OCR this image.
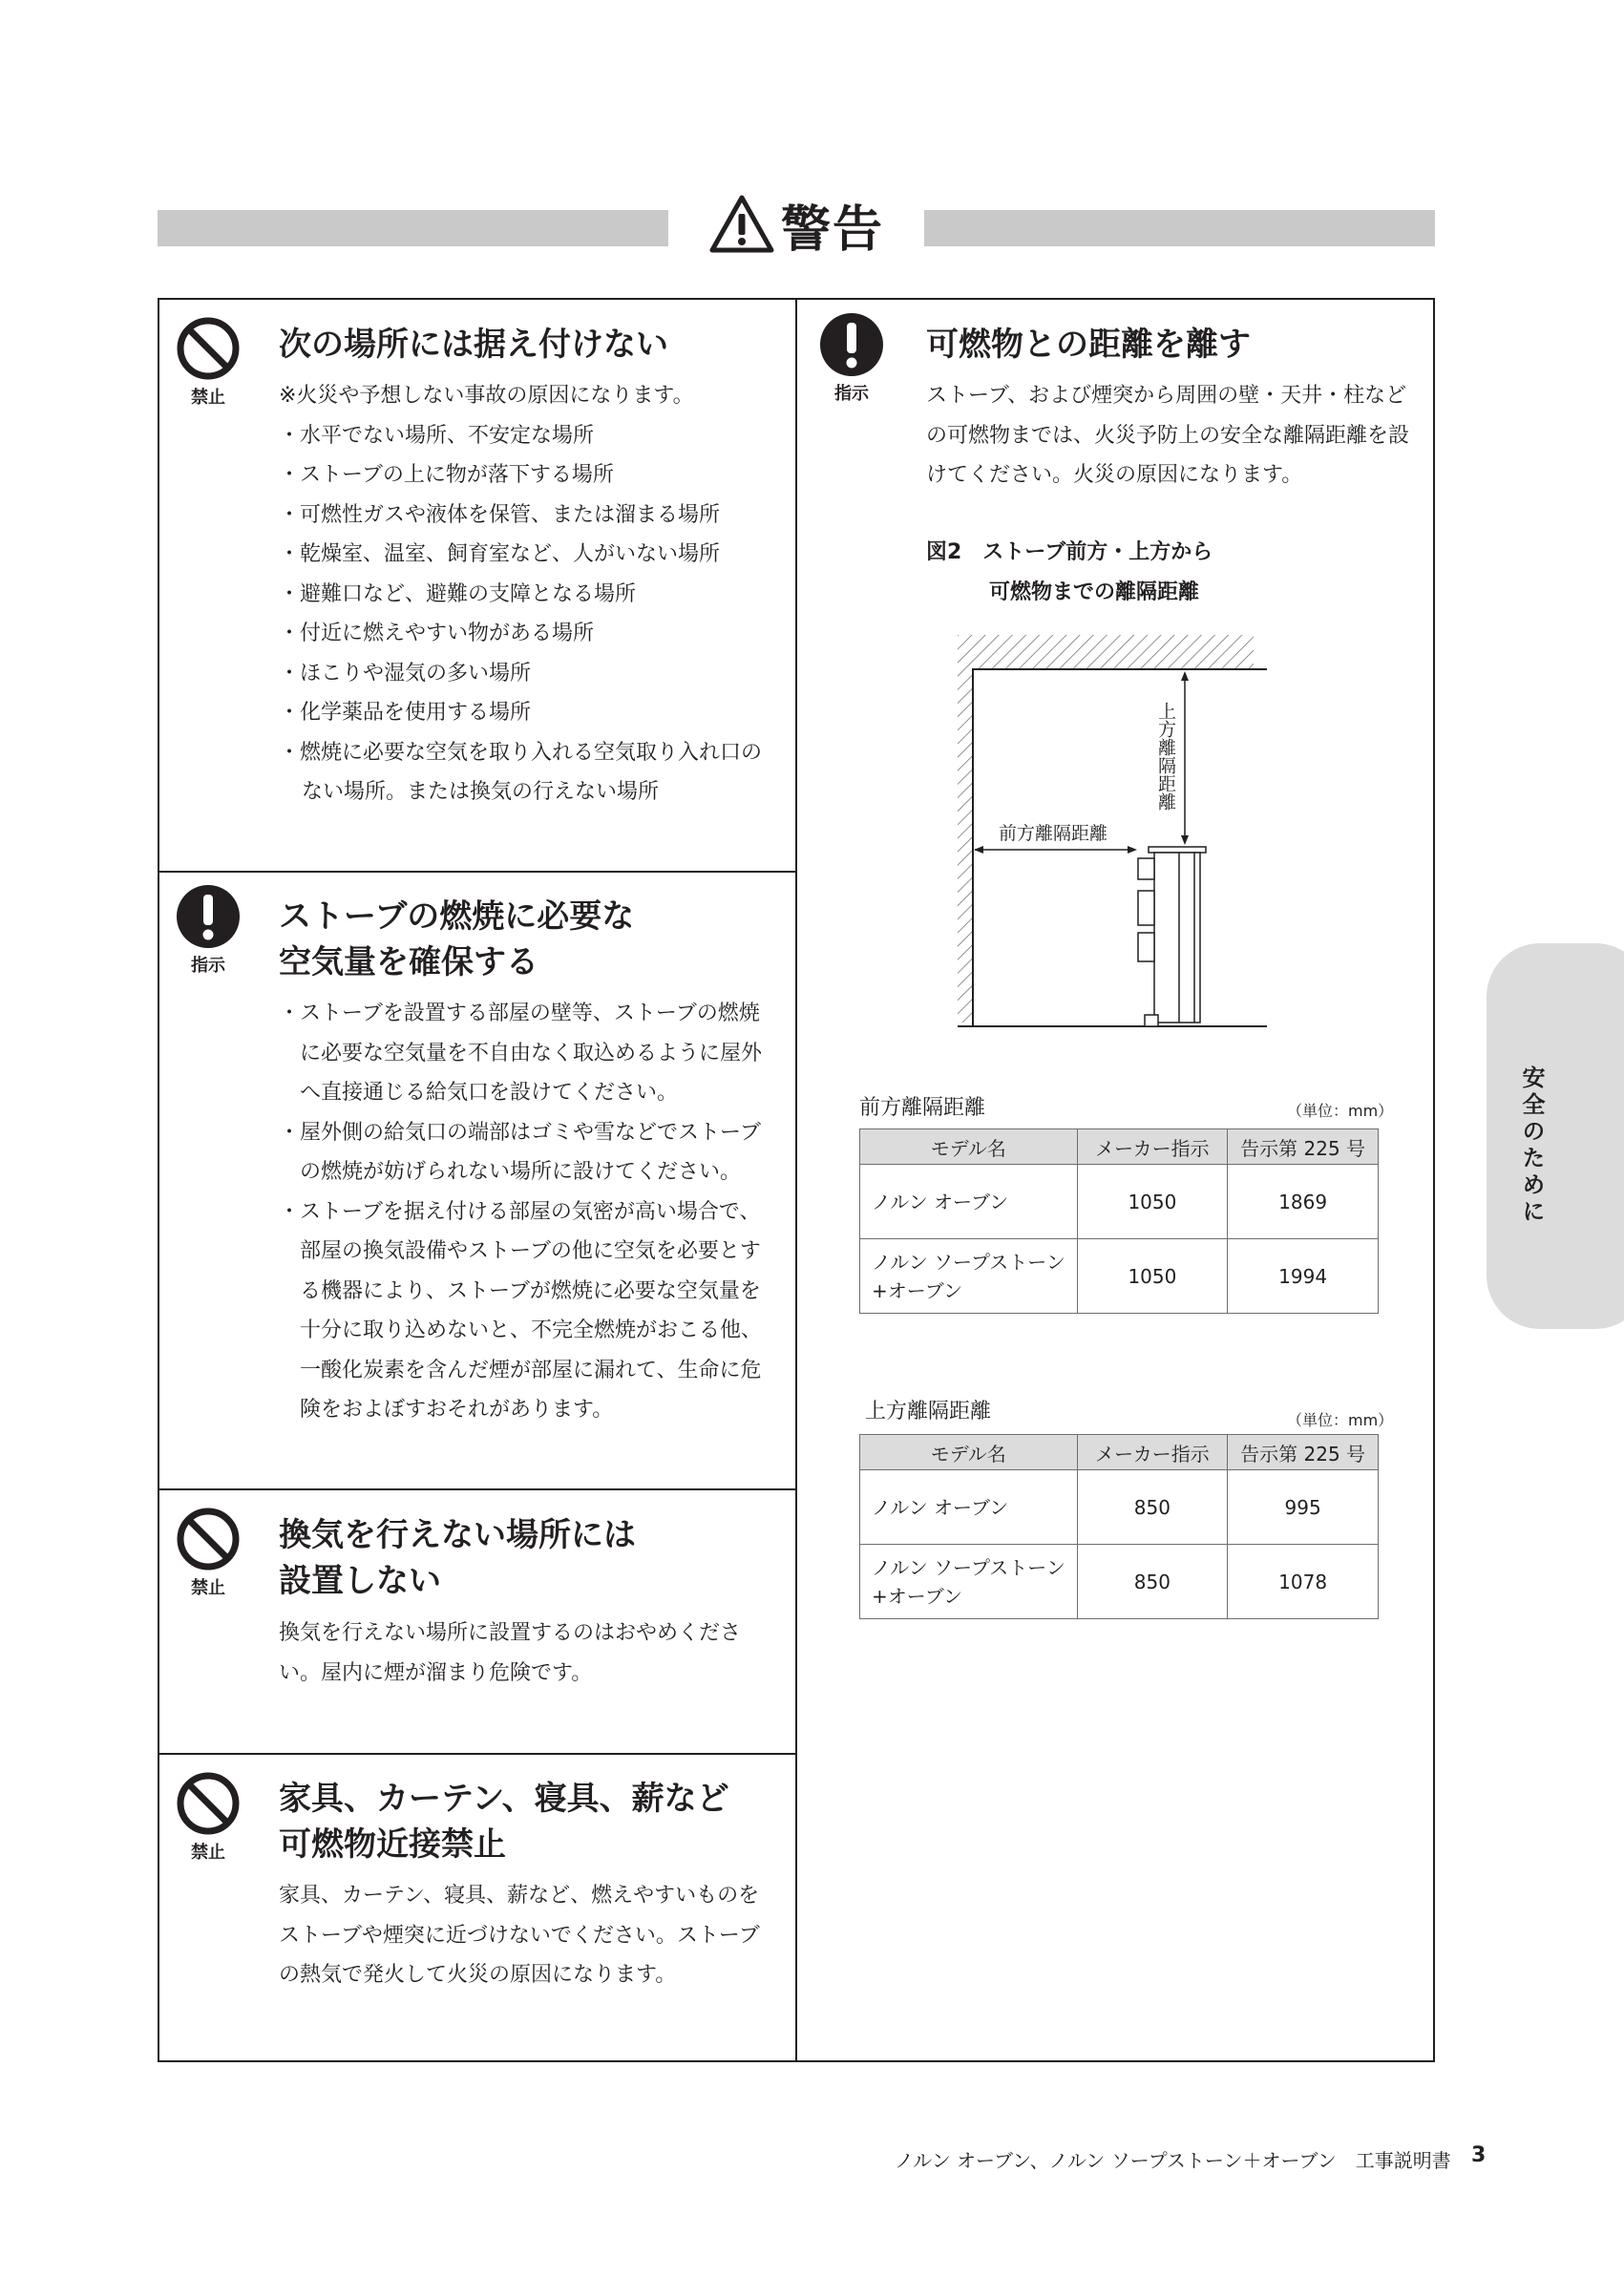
警告
禁止
次の場所には据え付けない

※火災や予想しない事故の原因になります。

・水平でない場所、不安定な場所

・ストーブの上に物が落下する場所

・可燃性ガスや液体を保管、または溜まる場所

・乾燥室、温室、飼育室など、人がいない場所

・避難口など、避難の支障となる場所

・付近に燃えやすい物がある場所

・ほこりや湿気の多い場所

・化学薬品を使用する場所

・燃焼に必要な空気を取り入れる空気取り入れ口のない場所。または換気の行えない場所

指示
ストーブの燃焼に必要な
空気量を確保する

・ストーブを設置する部屋の壁等、ストーブの燃焼に必要な空気量を不自由なく取込めるように屋外へ直接通じる給気口を設けてください。

・屋外側の給気口の端部はゴミや雪などでストーブの燃焼が妨げられない場所に設けてください。

・ストーブを据え付ける部屋の気密が高い場合で、部屋の換気設備やストーブの他に空気を必要とする機器により、ストーブが燃焼に必要な空気量を十分に取り込めないと、不完全燃焼がおこる他、一酸化炭素を含んだ煙が部屋に漏れて、生命に危険をおよぼすおそれがあります。

禁止
換気を行えない場所には
設置しない

換気を行えない場所に設置するのはおやめください。屋内に煙が溜まり危険です。

禁止
家具、カーテン、寝具、薪など
可燃物近接禁止

家具、カーテン、寝具、薪など、燃えやすいものをストーブや煙突に近づけないでください。ストーブの熱気で発火して火災の原因になります。

指示
可燃物との距離を離す

ストーブ、および煙突から周囲の壁・天井・柱などの可燃物までは、火災予防上の安全な離隔距離を設けてください。火災の原因になります。

図2　ストーブ前方・上方から
可燃物までの離隔距離
上方離隔距離
前方離隔距離
前方離隔距離	（単位：mm）
モデル名	メーカー指示	告示第 225 号

ノルン オーブン	1050	1869

ノルン ソープストーン
+オーブン	1050	1994
上方離隔距離	（単位：mm）
モデル名	メーカー指示	告示第 225 号

ノルン オーブン	850	995

ノルン ソープストーン
+オーブン	850	1078
安全のために
ノルン オーブン、ノルン ソープストーン＋オーブン　工事説明書 3
